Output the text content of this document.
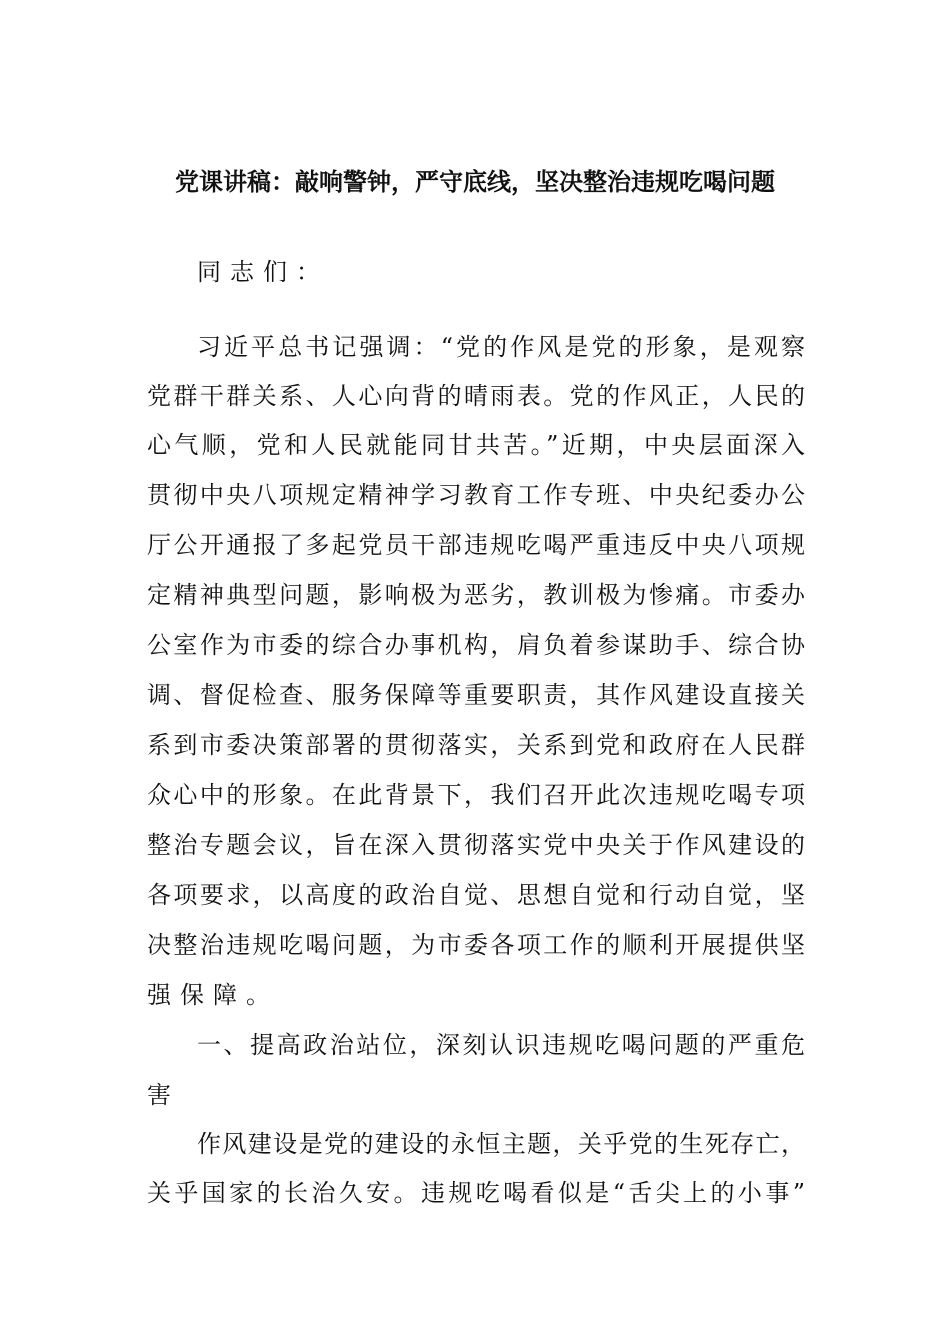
党课讲稿：敲响警钟，严守底线，坚决整治违规吃喝问题
同志们：
习近平总书记强调：“党的作风是党的形象，是观察
党群干群关系、人心向背的晴雨表。党的作风正，人民的
心气顺，党和人民就能同甘共苦。”近期，中央层面深入
贯彻中央八项规定精神学习教育工作专班、中央纪委办公
厅公开通报了多起党员干部违规吃喝严重违反中央八项规
定精神典型问题，影响极为恶劣，教训极为惨痛。市委办
公室作为市委的综合办事机构，肩负着参谋助手、综合协
调、督促检查、服务保障等重要职责，其作风建设直接关
系到市委决策部署的贯彻落实，关系到党和政府在人民群
众心中的形象。在此背景下，我们召开此次违规吃喝专项
整治专题会议，旨在深入贯彻落实党中央关于作风建设的
各项要求，以高度的政治自觉、思想自觉和行动自觉，坚
决整治违规吃喝问题，为市委各项工作的顺利开展提供坚
强保障。
一、提高政治站位，深刻认识违规吃喝问题的严重危
害
作风建设是党的建设的永恒主题，关乎党的生死存亡，
关乎国家的长治久安。违规吃喝看似是“舌尖上的小事”
